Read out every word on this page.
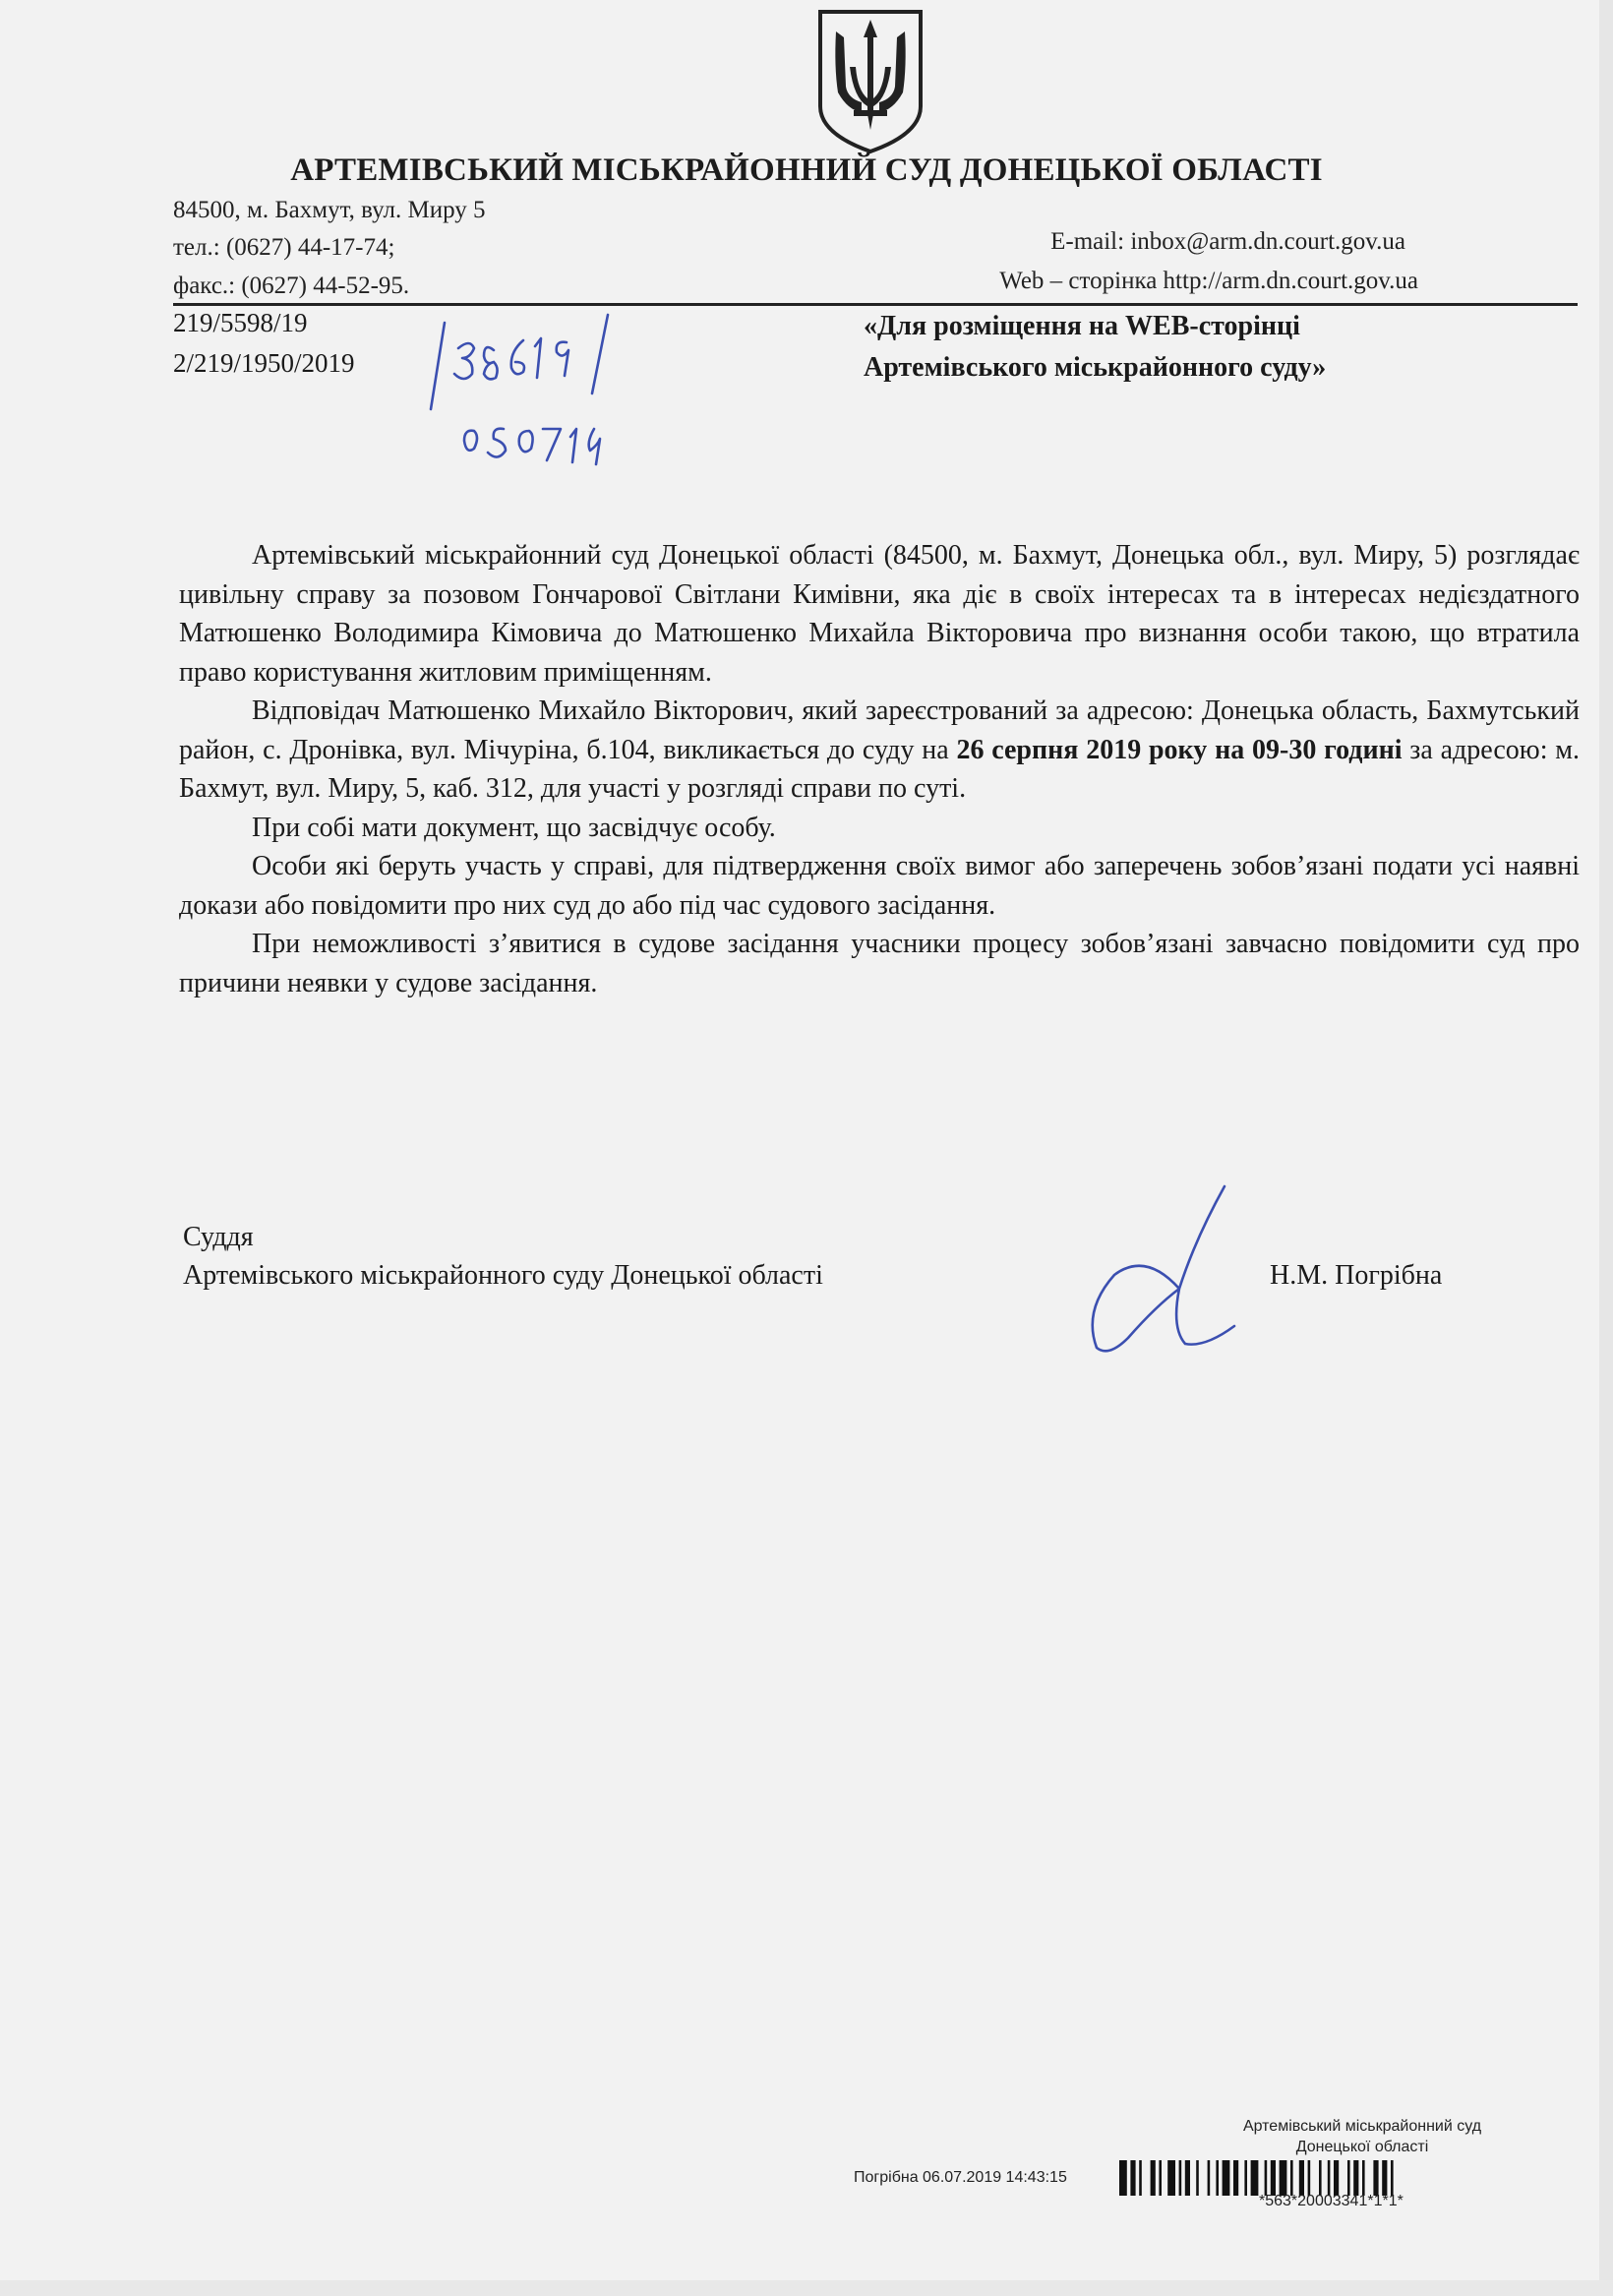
АРТЕМІВСЬКИЙ МІСЬКРАЙОННИЙ СУД ДОНЕЦЬКОЇ ОБЛАСТІ
84500, м. Бахмут, вул. Миру 5
тел.: (0627) 44-17-74;
факс.: (0627) 44-52-95.
E-mail: inbox@arm.dn.court.gov.ua
Web – сторінка http://arm.dn.court.gov.ua
219/5598/19
2/219/1950/2019
«Для розміщення на WEB-сторінці
Артемівського міськрайонного суду»

Артемівський міськрайонний суд Донецької області (84500, м. Бахмут, Донецька обл., вул. Миру, 5) розглядає цивільну справу за позовом Гончарової Світлани Кимівни, яка діє в своїх інтересах та в інтересах недієздатного Матюшенко Володимира Кімовича до Матюшенко Михайла Вікторовича про визнання особи такою, що втратила право користування житловим приміщенням.

Відповідач Матюшенко Михайло Вікторович, який зареєстрований за адресою: Донецька область, Бахмутський район, с. Дронівка, вул. Мічуріна, б.104, викликається до суду на 26 серпня 2019 року на 09-30 годині за адресою: м. Бахмут, вул. Миру, 5, каб. 312, для участі у розгляді справи по суті.

При собі мати документ, що засвідчує особу.

Особи які беруть участь у справі, для підтвердження своїх вимог або заперечень зобов’язані подати усі наявні докази або повідомити про них суд до або під час судового засідання.

При неможливості з’явитися в судове засідання учасники процесу зобов’язані завчасно повідомити суд про причини неявки у судове засідання.

Суддя
Артемівського міськрайонного суду Донецької області	Н.М. Погрібна
Артемівський міськрайонний суд
Донецької області
Погрібна 06.07.2019 14:43:15
*563*20003341*1*1*
